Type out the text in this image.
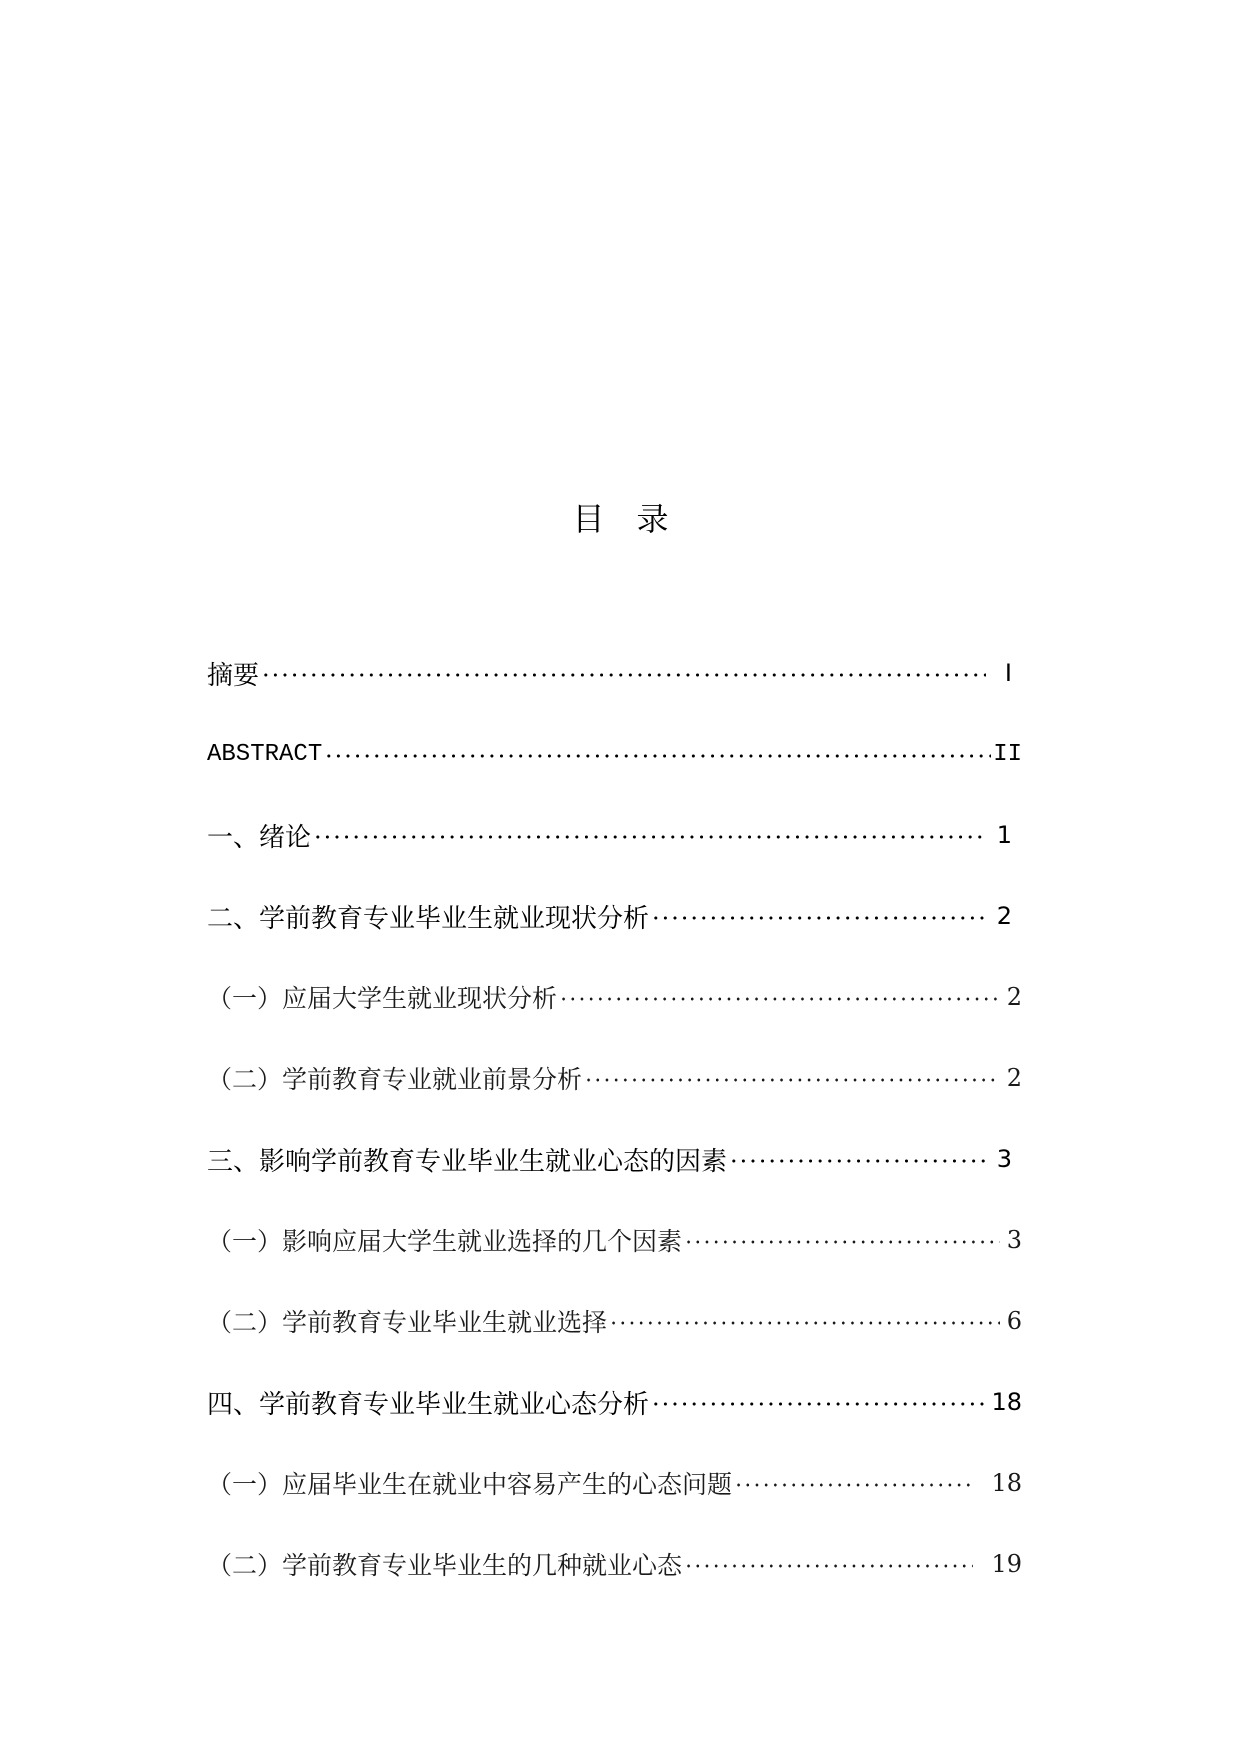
目 录
摘要	I
ABSTRACT	II
一、绪论	1
二、学前教育专业毕业生就业现状分析	2
（一）应届大学生就业现状分析	2
（二）学前教育专业就业前景分析	2
三、影响学前教育专业毕业生就业心态的因素	3
（一）影响应届大学生就业选择的几个因素	3
（二）学前教育专业毕业生就业选择	6
四、学前教育专业毕业生就业心态分析	18
（一）应届毕业生在就业中容易产生的心态问题	18
（二）学前教育专业毕业生的几种就业心态	19
